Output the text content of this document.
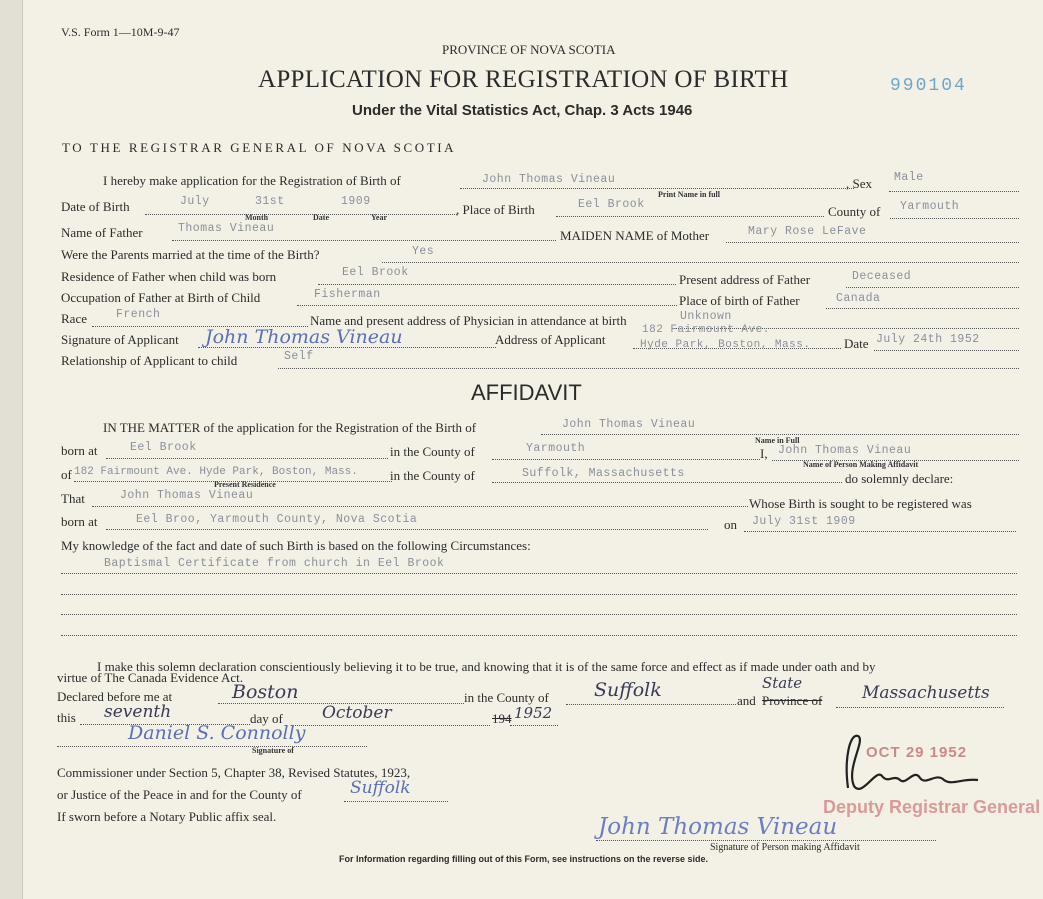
V.S. Form 1—10M-9-47
PROVINCE OF NOVA SCOTIA
APPLICATION FOR REGISTRATION OF BIRTH
Under the Vital Statistics Act, Chap. 3 Acts 1946
990104
TO THE REGISTRAR GENERAL OF NOVA SCOTIA
I hereby make application for the Registration of Birth of	John Thomas Vineau
Print Name in full
, Sex Male
Date of Birth	July	31st	1909
Month	Date	Year
, Place of Birth	Eel Brook	County of Yarmouth
Name of Father	Thomas Vineau	MAIDEN NAME of Mother	Mary Rose LeFave
Were the Parents married at the time of the Birth?	Yes
Residence of Father when child was born	Eel Brook	Present address of Father	Deceased
Occupation of Father at Birth of Child	Fisherman	Place of birth of Father	Canada
Race	French	Name and present address of Physician in attendance at birth	Unknown
Signature of Applicant John Thomas Vineau	Address of Applicant
182 Fairmount Ave.
Hyde Park, Boston, Mass.	Date July 24th 1952
Relationship of Applicant to child	Self
AFFIDAVIT
IN THE MATTER of the application for the Registration of the Birth of	John Thomas Vineau
Name in Full
born at	Eel Brook	in the County of	Yarmouth	I, John Thomas Vineau
Name of Person Making Affidavit
of 182 Fairmount Ave. Hyde Park, Boston, Mass.
Present Residence
in the County of	Suffolk, Massachusetts	do solemnly declare:
That	John Thomas Vineau
Whose Birth is sought to be registered was
born at	Eel Broo, Yarmouth County, Nova Scotia	on July 31st 1909
My knowledge of the fact and date of such Birth is based on the following Circumstances:
Baptismal Certificate from church in Eel Brook
I make this solemn declaration conscientiously believing it to be true, and knowing that it is of the same force and effect as if made under oath and by
virtue of The Canada Evidence Act.
Declared before me at	Boston	in the County of Suffolk	State
and Province of Massachusetts
this seventh	day of October	194 1952
Daniel S. Connolly
Signature of
Commissioner under Section 5, Chapter 38, Revised Statutes, 1923,
or Justice of the Peace in and for the County of	Suffolk
If sworn before a Notary Public affix seal.
OCT 29 1952
Deputy Registrar General
John Thomas Vineau
Signature of Person making Affidavit
For Information regarding filling out of this Form, see instructions on the reverse side.
